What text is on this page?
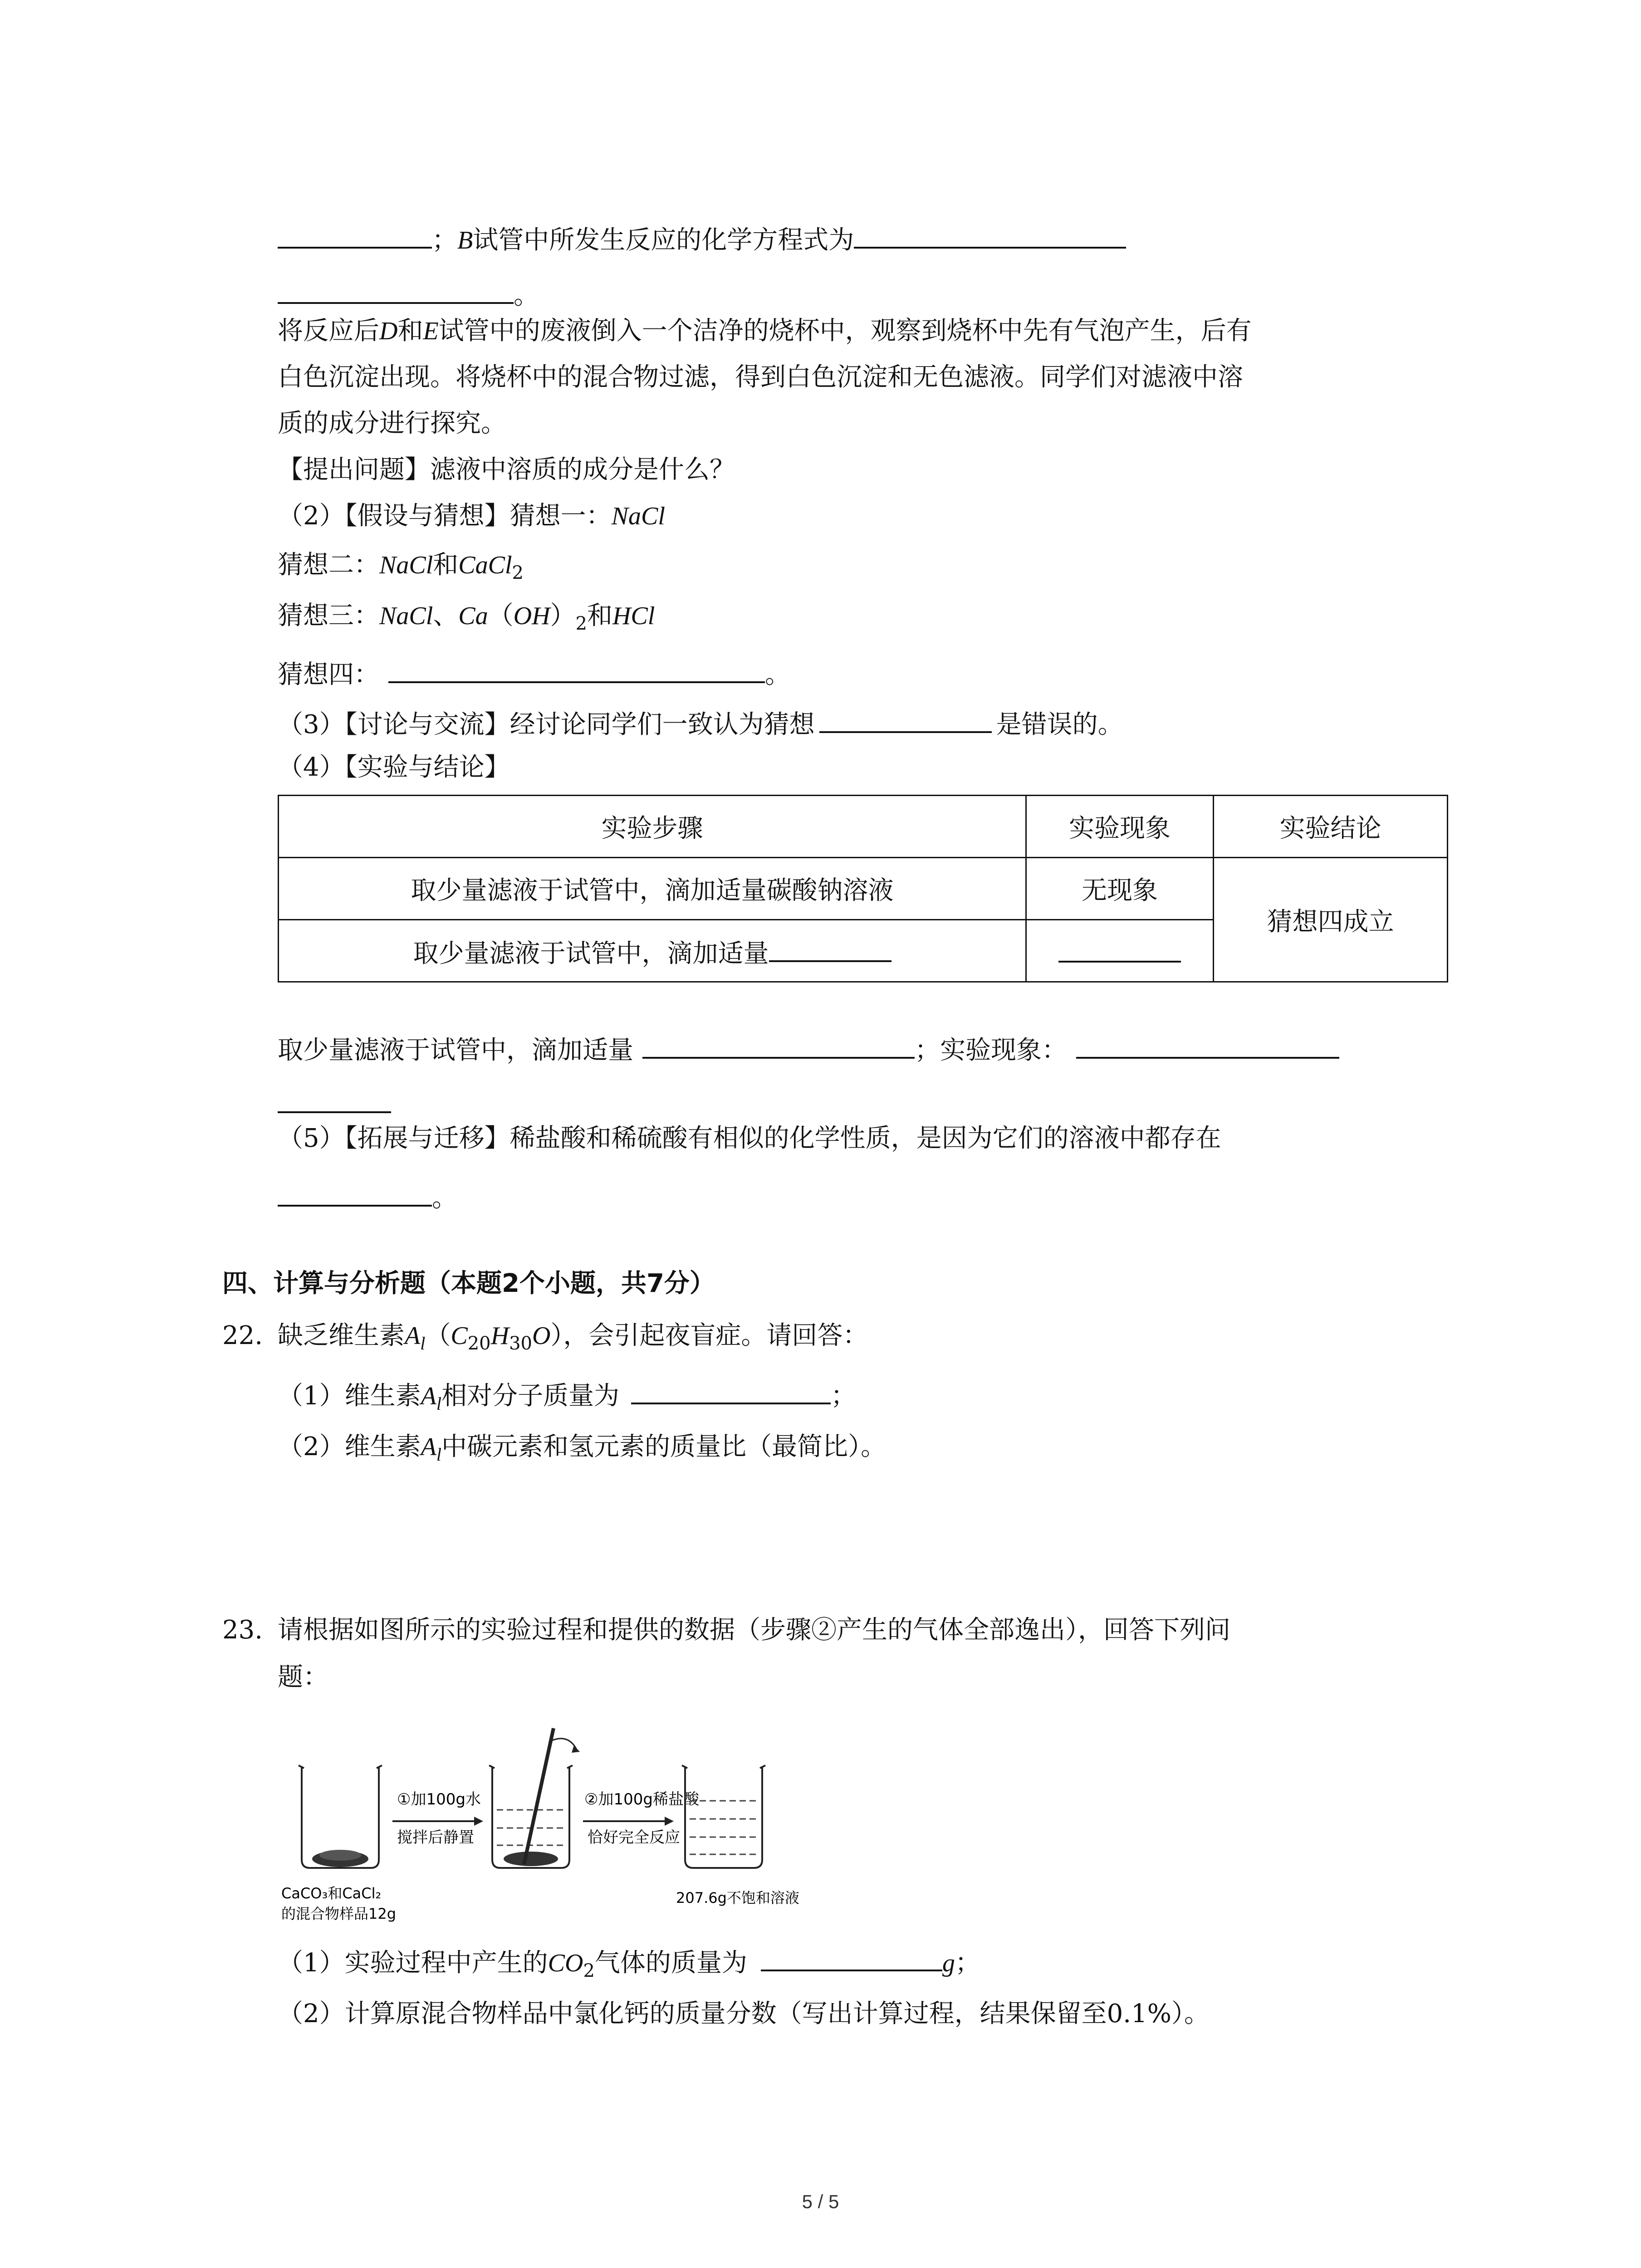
；B试管中所发生反应的化学方程式为
。
将反应后D和E试管中的废液倒入一个洁净的烧杯中，观察到烧杯中先有气泡产生，后有
白色沉淀出现。将烧杯中的混合物过滤，得到白色沉淀和无色滤液。同学们对滤液中溶
质的成分进行探究。
【提出问题】滤液中溶质的成分是什么？
（2）【假设与猜想】猜想一：NaCl
猜想二：NaCl和CaCl$_2$
猜想三：NaCl、$Ca(OH)_2$和HCl
猜想四：	。
（3）【讨论与交流】经讨论同学们一致认为猜想	是错误的。
（4）【实验与结论】
实验步骤	实验现象	实验结论
取少量滤液于试管中，滴加适量碳酸钠溶液	无现象	猜想四成立
取少量滤液于试管中，滴加适量		
取少量滤液于试管中，滴加适量	；实验现象：
（5）【拓展与迁移】稀盐酸和稀硫酸有相似的化学性质，是因为它们的溶液中都存在
。
四、计算与分析题（本题2个小题，共7分）
22. 缺乏维生素$A_l(C_{20}H_{30}O)$，会引起夜盲症。请回答：
（1）维生素$A_l$相对分子质量为	；
（2）维生素$A_l$中碳元素和氢元素的质量比（最简比）。
23. 请根据如图所示的实验过程和提供的数据（步骤②产生的气体全部逸出），回答下列问
题：
①加100g水
搅拌后静置
②加100g稀盐酸
恰好完全反应
CaCO₃和CaCl₂
的混合物样品12g
207.6g不饱和溶液
（1）实验过程中产生的$CO_2$气体的质量为	g；
（2）计算原混合物样品中氯化钙的质量分数（写出计算过程，结果保留至0.1%）。
5 / 5
